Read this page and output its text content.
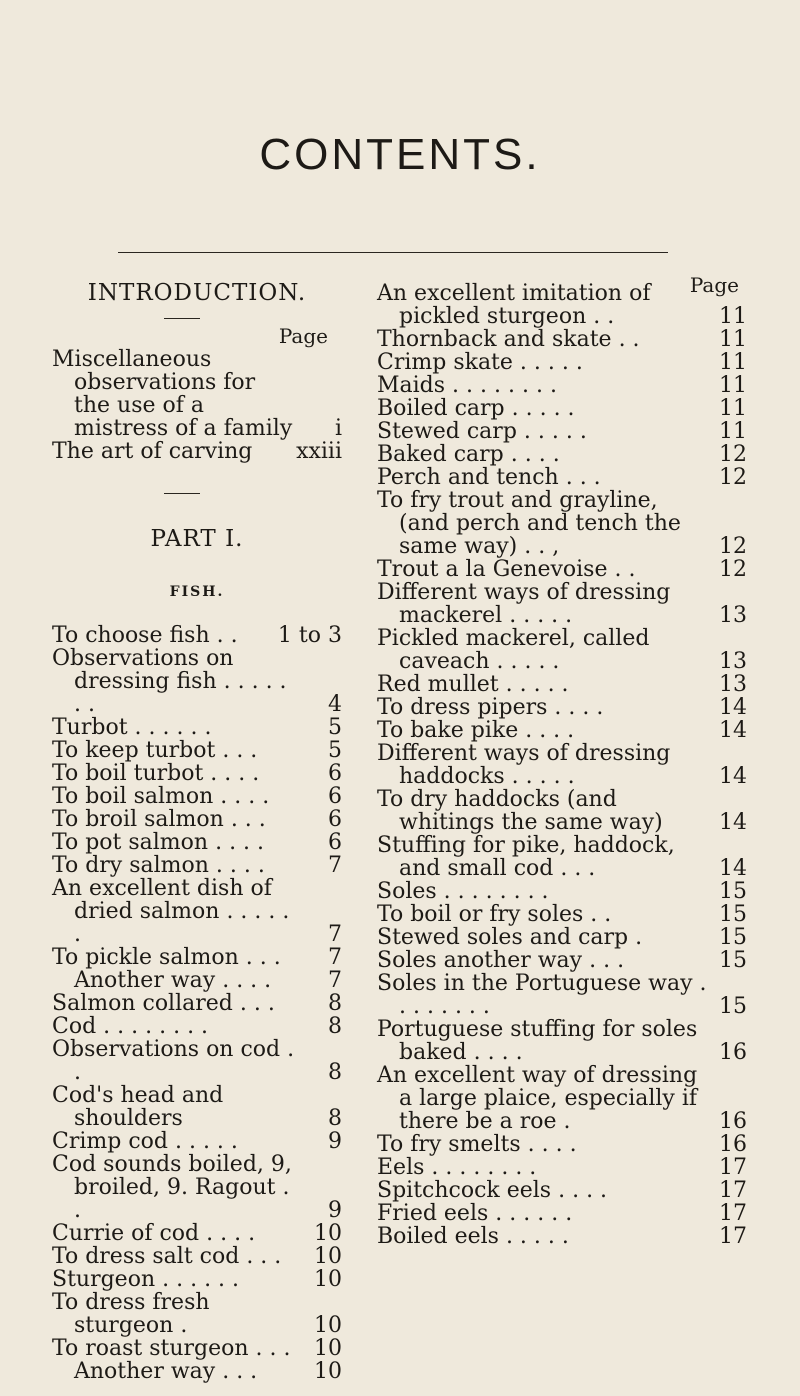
CONTENTS.
INTRODUCTION.
Page
Miscellaneous observations for the use of a mistress of a family	i
The art of carving	xxiii
PART I.
FISH.
To choose fish . .	1 to 3
Observations on dressing fish . . . . . . .	4
Turbot . . . . . .	5
To keep turbot . . .	5
To boil turbot . . . .	6
To boil salmon . . . .	6
To broil salmon . . .	6
To pot salmon . . . .	6
To dry salmon . . . .	7
An excellent dish of dried salmon . . . . . .	7
To pickle salmon . . .	7
Another way . . . .	7
Salmon collared . . .	8
Cod . . . . . . . .	8
Observations on cod . .	8
Cod's head and shoulders	8
Crimp cod . . . . .	9
Cod sounds boiled, 9, broiled, 9. Ragout . .	9
Currie of cod . . . .	10
To dress salt cod . . .	10
Sturgeon . . . . . .	10
To dress fresh sturgeon .	10
To roast sturgeon . . .	10
Another way . . .	10
Page
An excellent imitation of pickled sturgeon . .	11
Thornback and skate . .	11
Crimp skate . . . . .	11
Maids . . . . . . . .	11
Boiled carp . . . . .	11
Stewed carp . . . . .	11
Baked carp . . . .	12
Perch and tench . . .	12
To fry trout and grayline, (and perch and tench the same way) . . ,	12
Trout a la Genevoise . .	12
Different ways of dressing mackerel . . . . .	13
Pickled mackerel, called caveach . . . . .	13
Red mullet . . . . .	13
To dress pipers . . . .	14
To bake pike . . . .	14
Different ways of dressing haddocks . . . . .	14
To dry haddocks (and whitings the same way)	14
Stuffing for pike, haddock, and small cod . . .	14
Soles . . . . . . . .	15
To boil or fry soles . .	15
Stewed soles and carp .	15
Soles another way . . .	15
Soles in the Portuguese way . . . . . . . .	15
Portuguese stuffing for soles baked . . . .	16
An excellent way of dressing a large plaice, especially if there be a roe .	16
To fry smelts . . . .	16
Eels . . . . . . . .	17
Spitchcock eels . . . .	17
Fried eels . . . . . .	17
Boiled eels . . . . .	17
